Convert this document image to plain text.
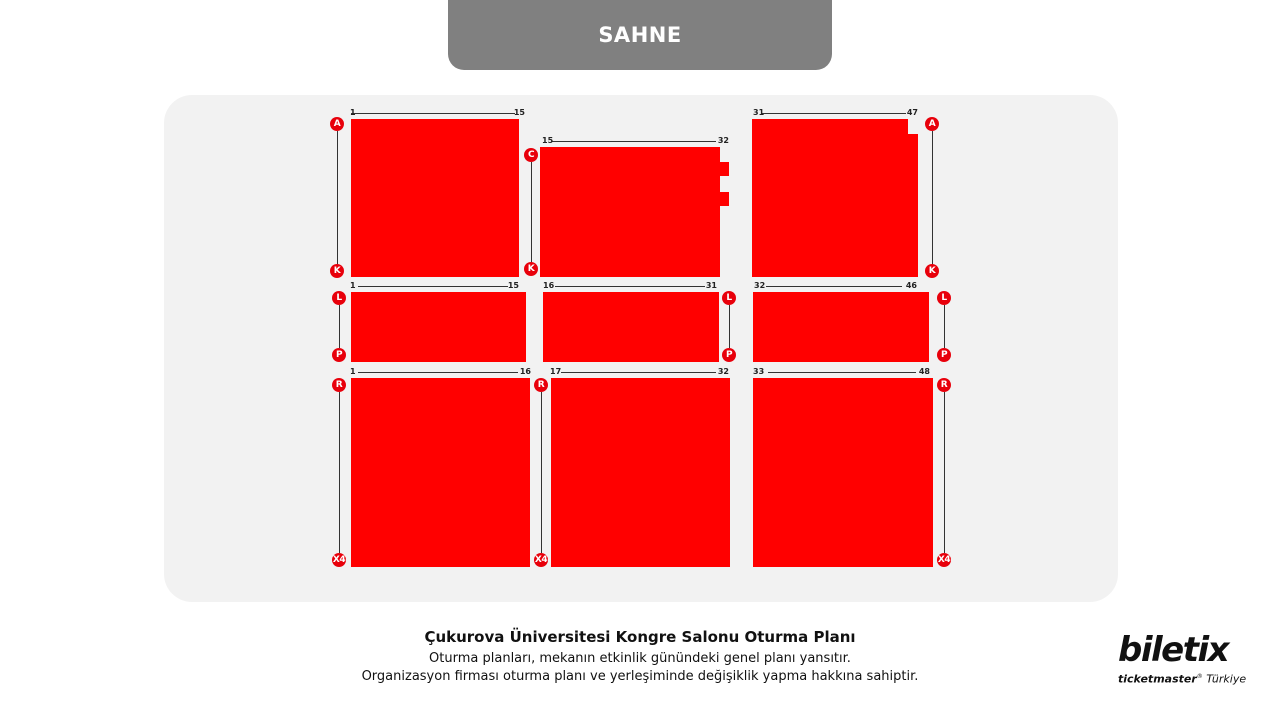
SAHNE
1	15
A
K
15	32
C
K
31	47
A
K
1	15
L
P
16	31
L
P
32	46
L
P
1	16
R
X4
17	32
R
X4
33	48
R
X4
Çukurova Üniversitesi Kongre Salonu Oturma Planı
Oturma planları, mekanın etkinlik günündeki genel planı yansıtır.
Organizasyon firması oturma planı ve yerleşiminde değişiklik yapma hakkına sahiptir.
biletix
ticketmaster® Türkiye
